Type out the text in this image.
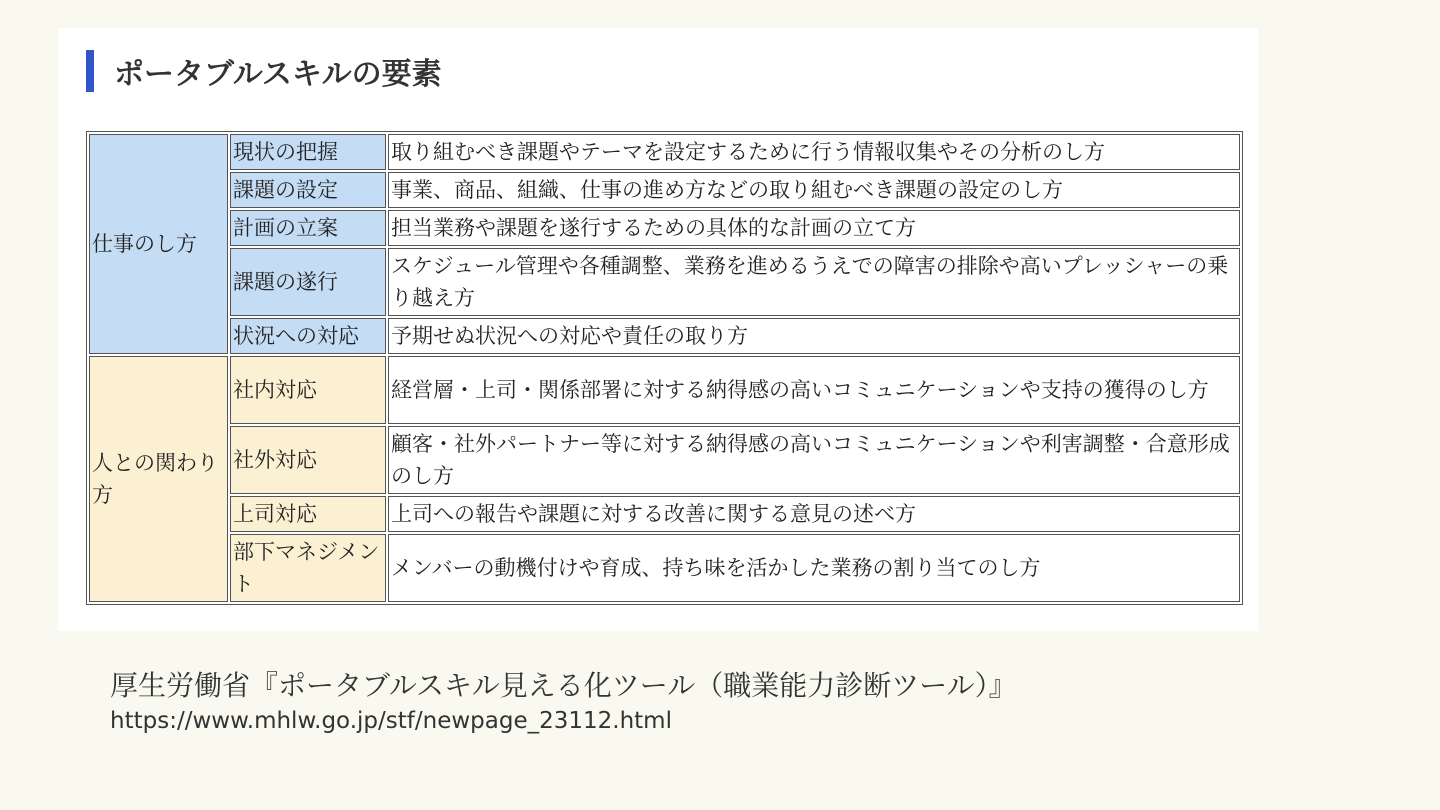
ポータブルスキルの要素
仕事のし方	現状の把握	取り組むべき課題やテーマを設定するために行う情報収集やその分析のし方
	課題の設定	事業、商品、組織、仕事の進め方などの取り組むべき課題の設定のし方
	計画の立案	担当業務や課題を遂行するための具体的な計画の立て方
	課題の遂行	スケジュール管理や各種調整、業務を進めるうえでの障害の排除や高いプレッシャーの乗り越え方
	状況への対応	予期せぬ状況への対応や責任の取り方
人との関わり方	社内対応	経営層・上司・関係部署に対する納得感の高いコミュニケーションや支持の獲得のし方
	社外対応	顧客・社外パートナー等に対する納得感の高いコミュニケーションや利害調整・合意形成のし方
	上司対応	上司への報告や課題に対する改善に関する意見の述べ方
	部下マネジメント	メンバーの動機付けや育成、持ち味を活かした業務の割り当てのし方
厚生労働省『ポータブルスキル見える化ツール（職業能力診断ツール）』
https://www.mhlw.go.jp/stf/newpage_23112.html
